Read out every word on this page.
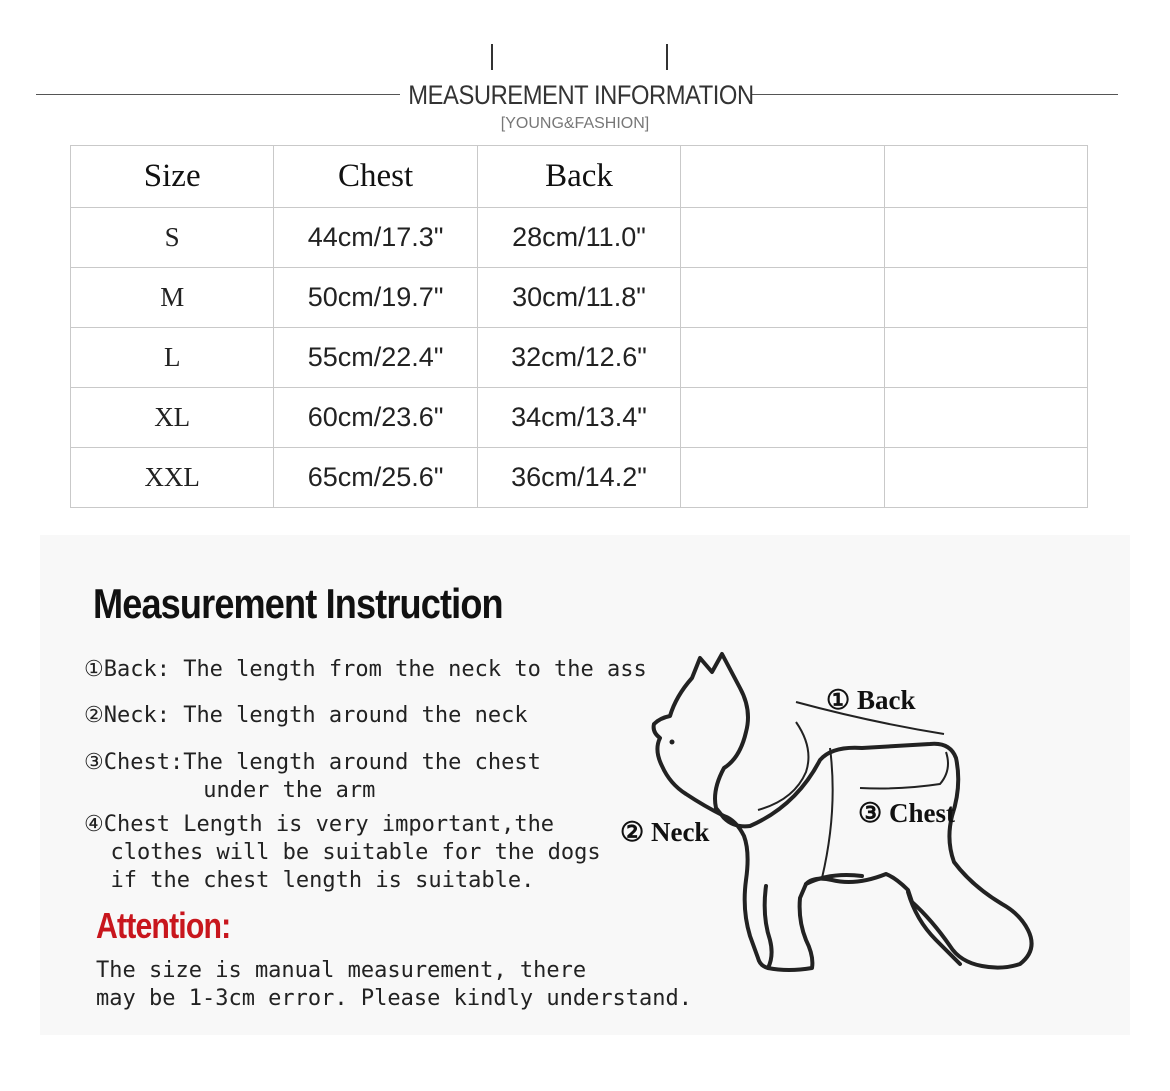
MEASUREMENT INFORMATION
[YOUNG&FASHION]
Size	Chest	Back		
S	44cm/17.3"	28cm/11.0"		
M	50cm/19.7"	30cm/11.8"		
L	55cm/22.4"	32cm/12.6"		
XL	60cm/23.6"	34cm/13.4"		
XXL	65cm/25.6"	36cm/14.2"		
Measurement Instruction
①Back: The length from the neck to the ass
②Neck: The length around the neck
③Chest:The length around the chest
under the arm
④Chest Length is very important,the
clothes will be suitable for the dogs
if the chest length is suitable.
Attention:
The size is manual measurement, there
may be 1-3cm error. Please kindly understand.
① Back
② Neck
③ Chest
